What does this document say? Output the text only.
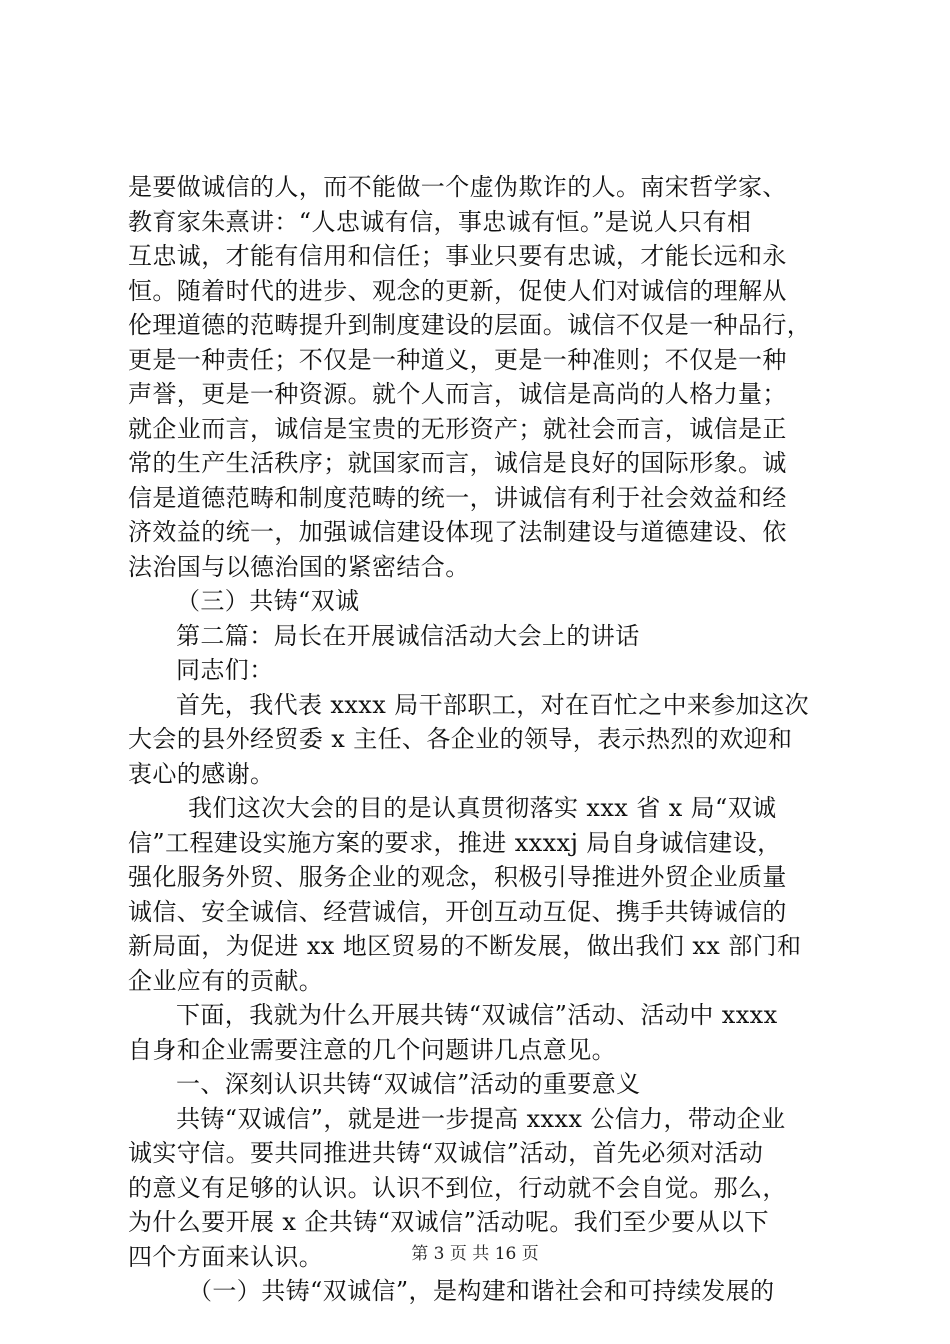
是要做诚信的人，而不能做一个虚伪欺诈的人。南宋哲学家、
教育家朱熹讲：“人忠诚有信，事忠诚有恒。”是说人只有相
互忠诚，才能有信用和信任；事业只要有忠诚，才能长远和永
恒。随着时代的进步、观念的更新，促使人们对诚信的理解从
伦理道德的范畴提升到制度建设的层面。诚信不仅是一种品行，
更是一种责任；不仅是一种道义，更是一种准则；不仅是一种
声誉，更是一种资源。就个人而言，诚信是高尚的人格力量；
就企业而言，诚信是宝贵的无形资产；就社会而言，诚信是正
常的生产生活秩序；就国家而言，诚信是良好的国际形象。诚
信是道德范畴和制度范畴的统一，讲诚信有利于社会效益和经
济效益的统一，加强诚信建设体现了法制建设与道德建设、依
法治国与以德治国的紧密结合。
（三）共铸“双诚
第二篇：局长在开展诚信活动大会上的讲话
同志们：
首先，我代表 xxxx 局干部职工，对在百忙之中来参加这次
大会的县外经贸委 x 主任、各企业的领导，表示热烈的欢迎和
衷心的感谢。
我们这次大会的目的是认真贯彻落实 xxx 省 x 局“双诚
信”工程建设实施方案的要求，推进 xxxxj 局自身诚信建设，
强化服务外贸、服务企业的观念，积极引导推进外贸企业质量
诚信、安全诚信、经营诚信，开创互动互促、携手共铸诚信的
新局面，为促进 xx 地区贸易的不断发展，做出我们 xx 部门和
企业应有的贡献。
下面，我就为什么开展共铸“双诚信”活动、活动中 xxxx
自身和企业需要注意的几个问题讲几点意见。
一、深刻认识共铸“双诚信”活动的重要意义
共铸“双诚信”，就是进一步提高 xxxx 公信力，带动企业
诚实守信。要共同推进共铸“双诚信”活动，首先必须对活动
的意义有足够的认识。认识不到位，行动就不会自觉。那么，
为什么要开展 x 企共铸“双诚信”活动呢。我们至少要从以下
四个方面来认识。
（一）共铸“双诚信”，是构建和谐社会和可持续发展的
第 3 页 共 16 页
